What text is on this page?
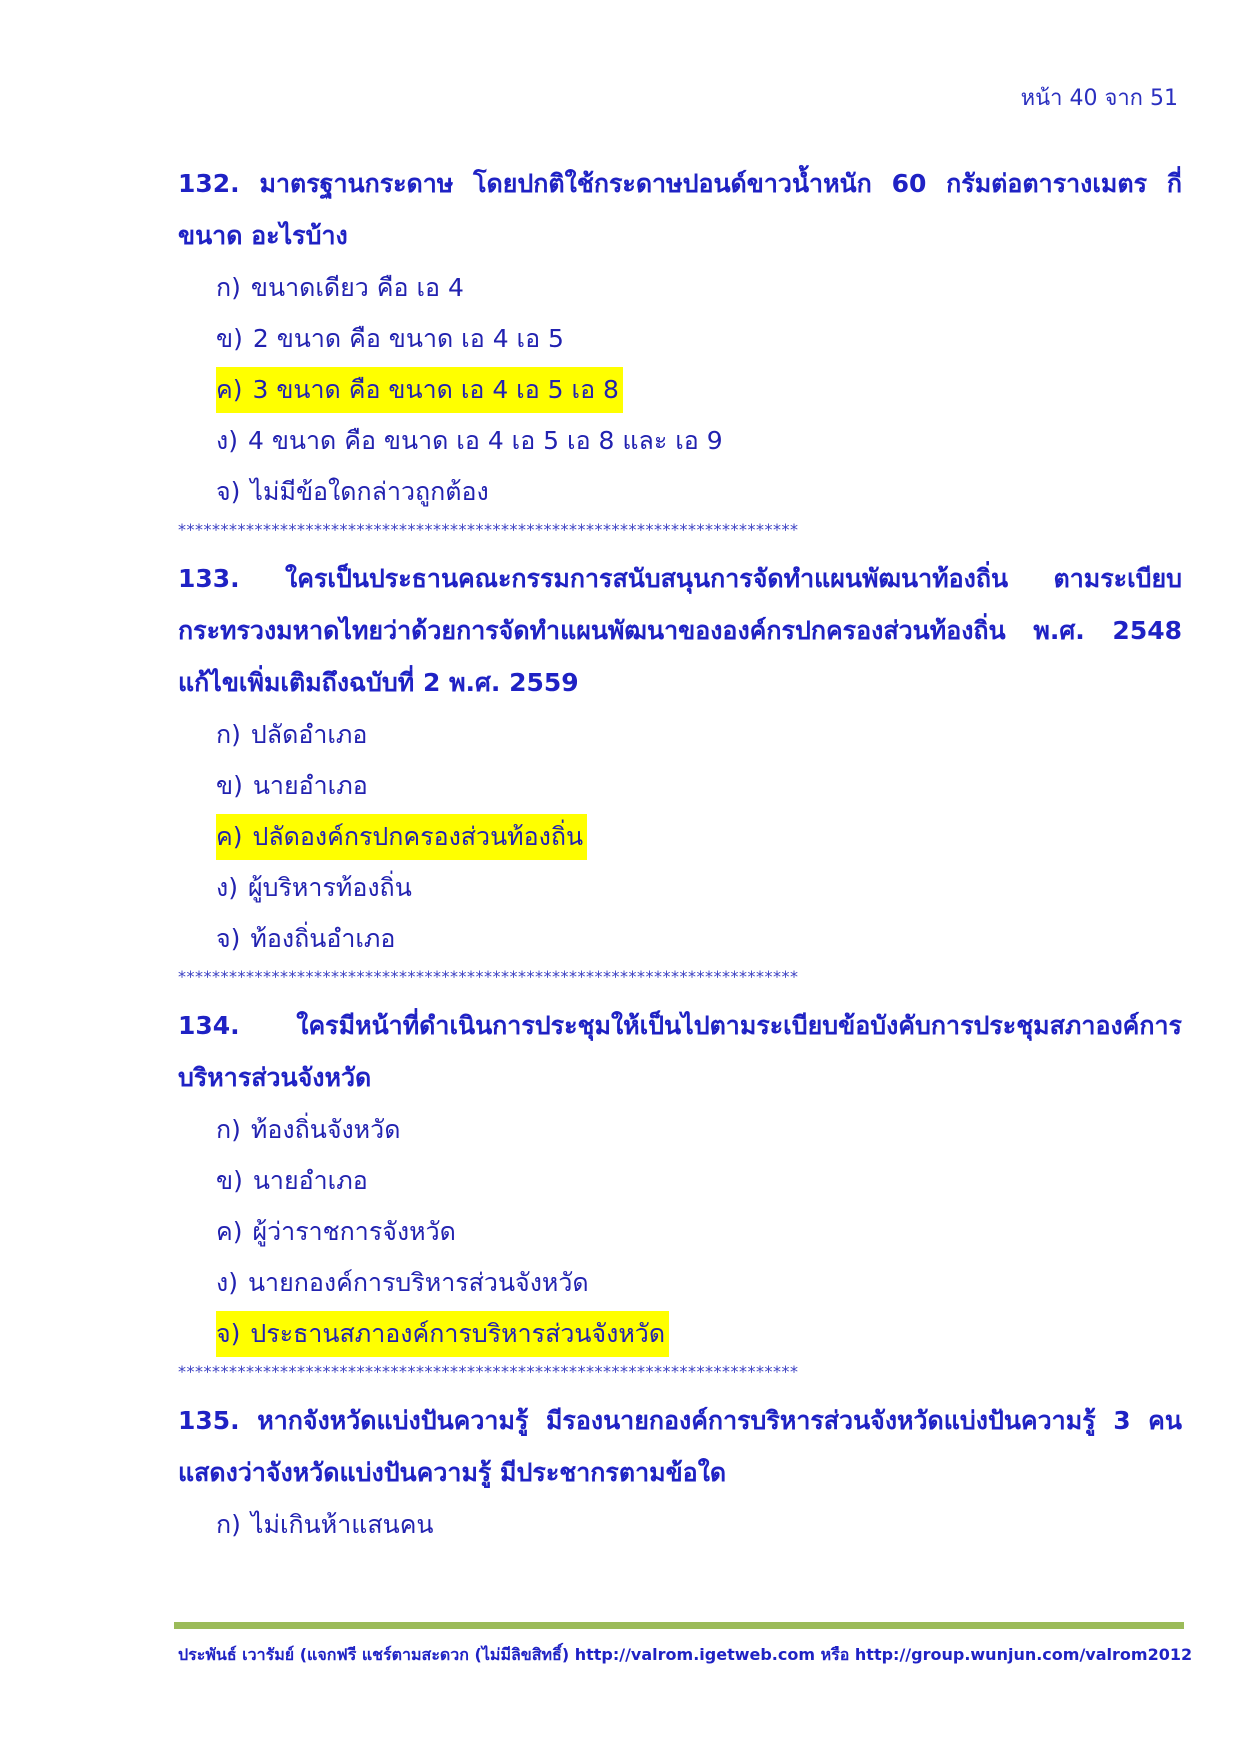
หน้า 40 จาก 51
132. มาตรฐานกระดาษ โดยปกติใช้กระดาษปอนด์ขาวน้ำหนัก 60 กรัมต่อตารางเมตร กี่ขนาด อะไรบ้าง
ก) ขนาดเดียว คือ เอ 4
ข) 2 ขนาด คือ ขนาด เอ 4 เอ 5
ค) 3 ขนาด คือ ขนาด เอ 4 เอ 5 เอ 8
ง) 4 ขนาด คือ ขนาด เอ 4 เอ 5 เอ 8 และ เอ 9
จ) ไม่มีข้อใดกล่าวถูกต้อง
*************************************************************************
133. ใครเป็นประธานคณะกรรมการสนับสนุนการจัดทำแผนพัฒนาท้องถิ่น ตามระเบียบกระทรวงมหาดไทยว่าด้วยการจัดทำแผนพัฒนาขององค์กรปกครองส่วนท้องถิ่น พ.ศ. 2548 แก้ไขเพิ่มเติมถึงฉบับที่ 2 พ.ศ. 2559
ก) ปลัดอำเภอ
ข) นายอำเภอ
ค) ปลัดองค์กรปกครองส่วนท้องถิ่น
ง) ผู้บริหารท้องถิ่น
จ) ท้องถิ่นอำเภอ
*************************************************************************
134. ใครมีหน้าที่ดำเนินการประชุมให้เป็นไปตามระเบียบข้อบังคับการประชุมสภาองค์การบริหารส่วนจังหวัด
ก) ท้องถิ่นจังหวัด
ข) นายอำเภอ
ค) ผู้ว่าราชการจังหวัด
ง) นายกองค์การบริหารส่วนจังหวัด
จ) ประธานสภาองค์การบริหารส่วนจังหวัด
*************************************************************************
135. หากจังหวัดแบ่งปันความรู้ มีรองนายกองค์การบริหารส่วนจังหวัดแบ่งปันความรู้ 3 คน แสดงว่าจังหวัดแบ่งปันความรู้ มีประชากรตามข้อใด
ก) ไม่เกินห้าแสนคน
ประพันธ์ เวารัมย์ (แจกฟรี แชร์ตามสะดวก (ไม่มีลิขสิทธิ์) http://valrom.igetweb.com หรือ http://group.wunjun.com/valrom2012
